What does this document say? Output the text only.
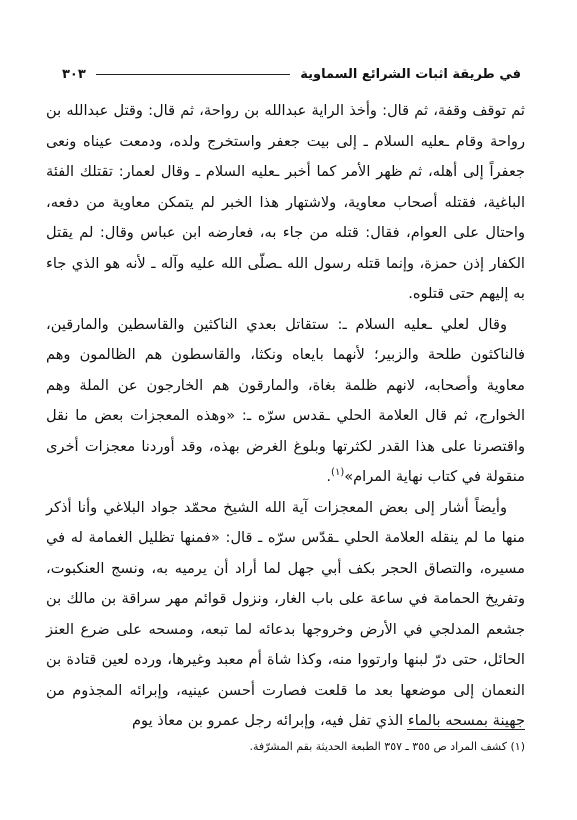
في طريقة اثبات الشرائع السماوية
٣٠٣

ثم توقف وقفة، ثم قال: وأخذ الراية عبدالله بن رواحة، ثم قال: وقتل عبدالله بن رواحة وقام ـعليه السلام ـ إلى بيت جعفر واستخرج ولده، ودمعت عيناه ونعى جعفراً إلى أهله، ثم ظهر الأمر كما أخبر ـعليه السلام ـ وقال لعمار: تقتلك الفئة الباغية، فقتله أصحاب معاوية، ولاشتهار هذا الخبر لم يتمكن معاوية من دفعه، واحتال على العوام، فقال: قتله من جاء به، فعارضه ابن عباس وقال: لم يقتل الكفار إذن حمزة، وإنما قتله رسول الله ـصلّى الله عليه وآله ـ لأنه هو الذي جاء به إليهم حتى قتلوه.

وقال لعلي ـعليه السلام ـ: ستقاتل بعدي الناكثين والقاسطين والمارقين، فالناكثون طلحة والزبير؛ لأنهما بايعاه ونكثا، والقاسطون هم الظالمون وهم معاوية وأصحابه، لانهم ظلمة بغاة، والمارقون هم الخارجون عن الملة وهم الخوارج، ثم قال العلامة الحلي ـقدس سرّه ـ: «وهذه المعجزات بعض ما نقل واقتصرنا على هذا القدر لكثرتها وبلوغ الغرض بهذه، وقد أوردنا معجزات أخرى منقولة في كتاب نهاية المرام»$^{(١)}$.

وأيضاً أشار إلى بعض المعجزات آية الله الشيخ محمّد جواد البلاغي وأنا أذكر منها ما لم ينقله العلامة الحلي ـقدّس سرّه ـ قال: «فمنها تظليل الغمامة له في مسيره، والتصاق الحجر بكف أبي جهل لما أراد أن يرميه به، ونسج العنكبوت، وتفريخ الحمامة في ساعة على باب الغار، ونزول قوائم مهر سراقة بن مالك بن جشعم المدلجي في الأرض وخروجها بدعائه لما تبعه، ومسحه على ضرع العنز الحائل، حتى درّ لبنها وارتووا منه، وكذا شاة أم معبد وغيرها، ورده لعين قتادة بن النعمان إلى موضعها بعد ما قلعت فصارت أحسن عينيه، وإبرائه المجذوم من جهينة بمسحه بالماء الذي تفل فيه، وإبرائه رجل عمرو بن معاذ يوم

(١) كشف المراد ص ٣٥٥ ـ ٣٥٧ الطبعة الحديثة بقم المشرّفة.
